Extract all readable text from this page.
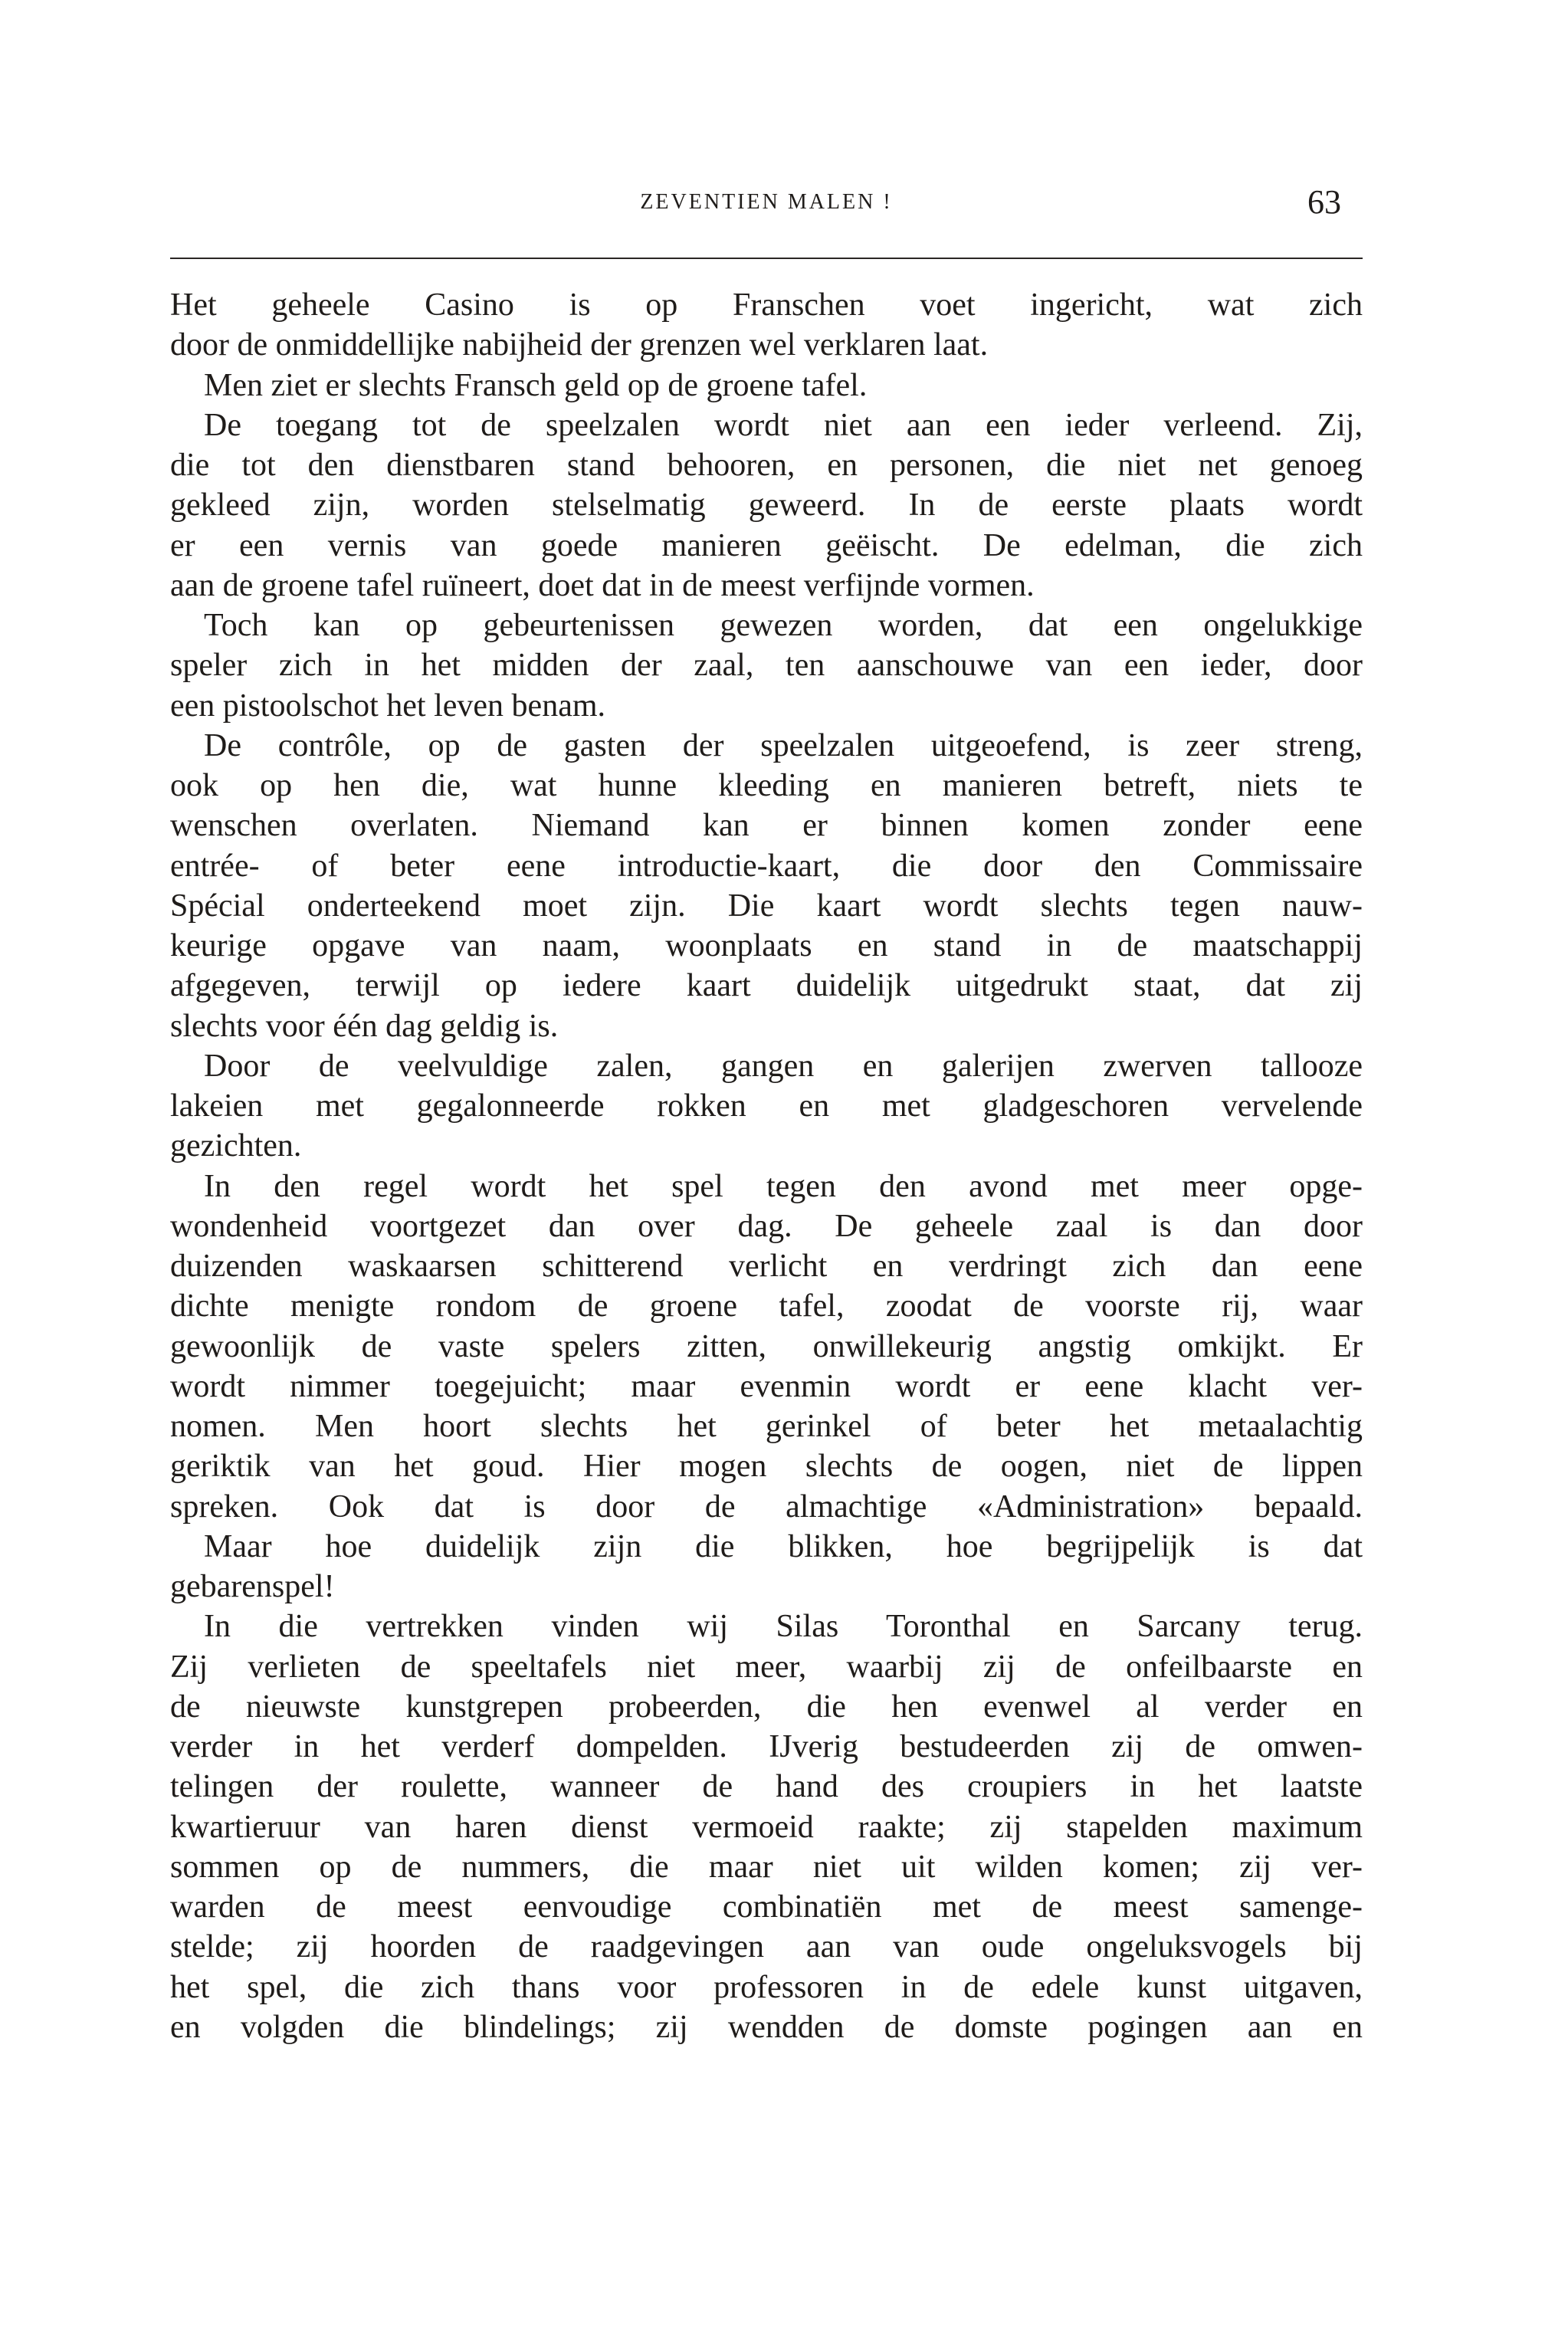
ZEVENTIEN MALEN !	63
Het geheele Casino is op Franschen voet ingericht, wat zich
door de onmiddellijke nabijheid der grenzen wel verklaren laat.
Men ziet er slechts Fransch geld op de groene tafel.
De toegang tot de speelzalen wordt niet aan een ieder verleend. Zij,
die tot den dienstbaren stand behooren, en personen, die niet net genoeg
gekleed zijn, worden stelselmatig geweerd. In de eerste plaats wordt
er een vernis van goede manieren geëischt. De edelman, die zich
aan de groene tafel ruïneert, doet dat in de meest verfijnde vormen.
Toch kan op gebeurtenissen gewezen worden, dat een ongelukkige
speler zich in het midden der zaal, ten aanschouwe van een ieder, door
een pistoolschot het leven benam.
De contrôle, op de gasten der speelzalen uitgeoefend, is zeer streng,
ook op hen die, wat hunne kleeding en manieren betreft, niets te
wenschen overlaten. Niemand kan er binnen komen zonder eene
entrée- of beter eene introductie-kaart, die door den Commissaire
Spécial onderteekend moet zijn. Die kaart wordt slechts tegen nauw-
keurige opgave van naam, woonplaats en stand in de maatschappij
afgegeven, terwijl op iedere kaart duidelijk uitgedrukt staat, dat zij
slechts voor één dag geldig is.
Door de veelvuldige zalen, gangen en galerijen zwerven tallooze
lakeien met gegalonneerde rokken en met gladgeschoren vervelende
gezichten.
In den regel wordt het spel tegen den avond met meer opge-
wondenheid voortgezet dan over dag. De geheele zaal is dan door
duizenden waskaarsen schitterend verlicht en verdringt zich dan eene
dichte menigte rondom de groene tafel, zoodat de voorste rij, waar
gewoonlijk de vaste spelers zitten, onwillekeurig angstig omkijkt. Er
wordt nimmer toegejuicht; maar evenmin wordt er eene klacht ver-
nomen. Men hoort slechts het gerinkel of beter het metaalachtig
geriktik van het goud. Hier mogen slechts de oogen, niet de lippen
spreken. Ook dat is door de almachtige «Administration» bepaald.
Maar hoe duidelijk zijn die blikken, hoe begrijpelijk is dat
gebarenspel!
In die vertrekken vinden wij Silas Toronthal en Sarcany terug.
Zij verlieten de speeltafels niet meer, waarbij zij de onfeilbaarste en
de nieuwste kunstgrepen probeerden, die hen evenwel al verder en
verder in het verderf dompelden. IJverig bestudeerden zij de omwen-
telingen der roulette, wanneer de hand des croupiers in het laatste
kwartieruur van haren dienst vermoeid raakte; zij stapelden maximum
sommen op de nummers, die maar niet uit wilden komen; zij ver-
warden de meest eenvoudige combinatiën met de meest samenge-
stelde; zij hoorden de raadgevingen aan van oude ongeluksvogels bij
het spel, die zich thans voor professoren in de edele kunst uitgaven,
en volgden die blindelings; zij wendden de domste pogingen aan en
